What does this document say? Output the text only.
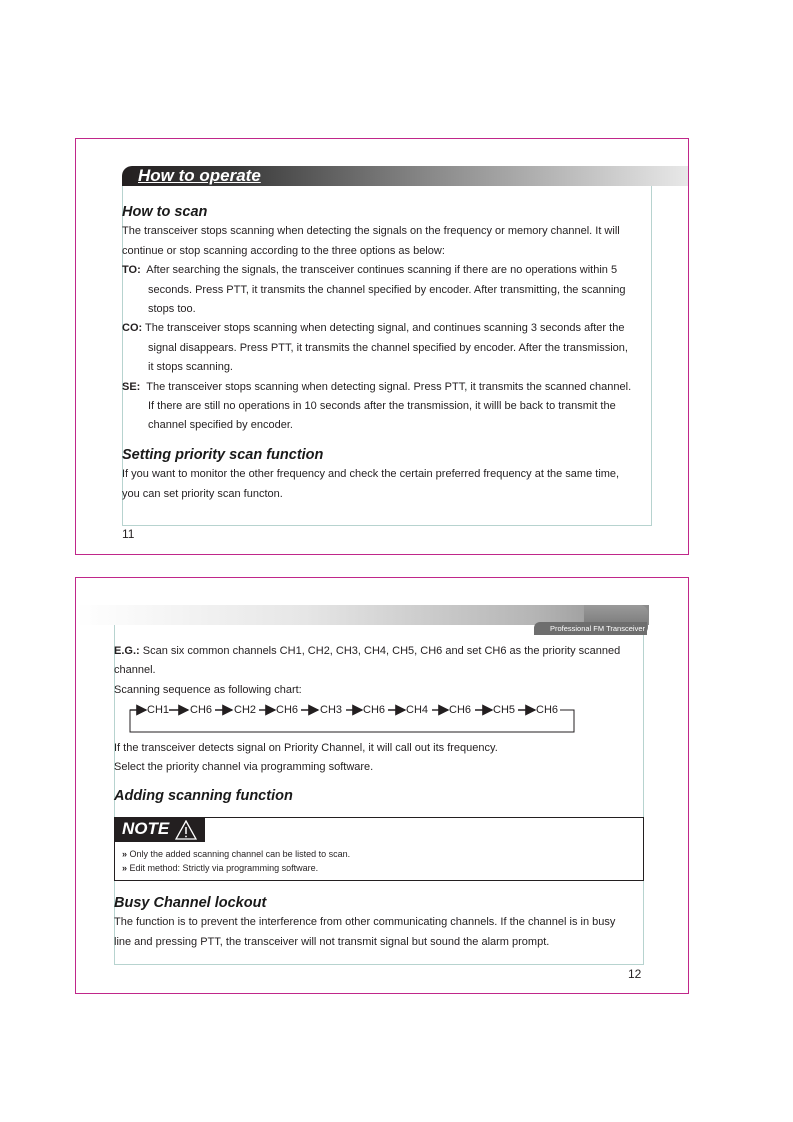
How to operate
How to scan

The transceiver stops scanning when detecting the signals on the frequency or memory channel. It will

continue or stop scanning according to the three options as below:

TO: After searching the signals, the transceiver continues scanning if there are no operations within 5

seconds. Press PTT, it transmits the channel specified by encoder. After transmitting, the scanning

stops too.

CO: The transceiver stops scanning when detecting signal, and continues scanning 3 seconds after the

signal disappears. Press PTT, it transmits the channel specified by encoder. After the transmission,

it stops scanning.

SE: The transceiver stops scanning when detecting signal. Press PTT, it transmits the scanned channel.

If there are still no operations in 10 seconds after the transmission, it willl be back to transmit the

channel specified by encoder.

Setting priority scan function

If you want to monitor the other frequency and check the certain preferred frequency at the same time,

you can set priority scan functon.

11
Professional FM Transceiver

E.G.: Scan six common channels CH1, CH2, CH3, CH4, CH5, CH6 and set CH6 as the priority scanned

channel.

Scanning sequence as following chart:

CH1 CH6 CH2 CH6 CH3 CH6 CH4 CH6 CH5 CH6

If the transceiver detects signal on Priority Channel, it will call out its frequency.

Select the priority channel via programming software.

Adding scanning function
NOTE
» Only the added scanning channel can be listed to scan.
» Edit method: Strictly via programming software.
Busy Channel lockout

The function is to prevent the interference from other communicating channels. If the channel is in busy

line and pressing PTT, the transceiver will not transmit signal but sound the alarm prompt.

12
